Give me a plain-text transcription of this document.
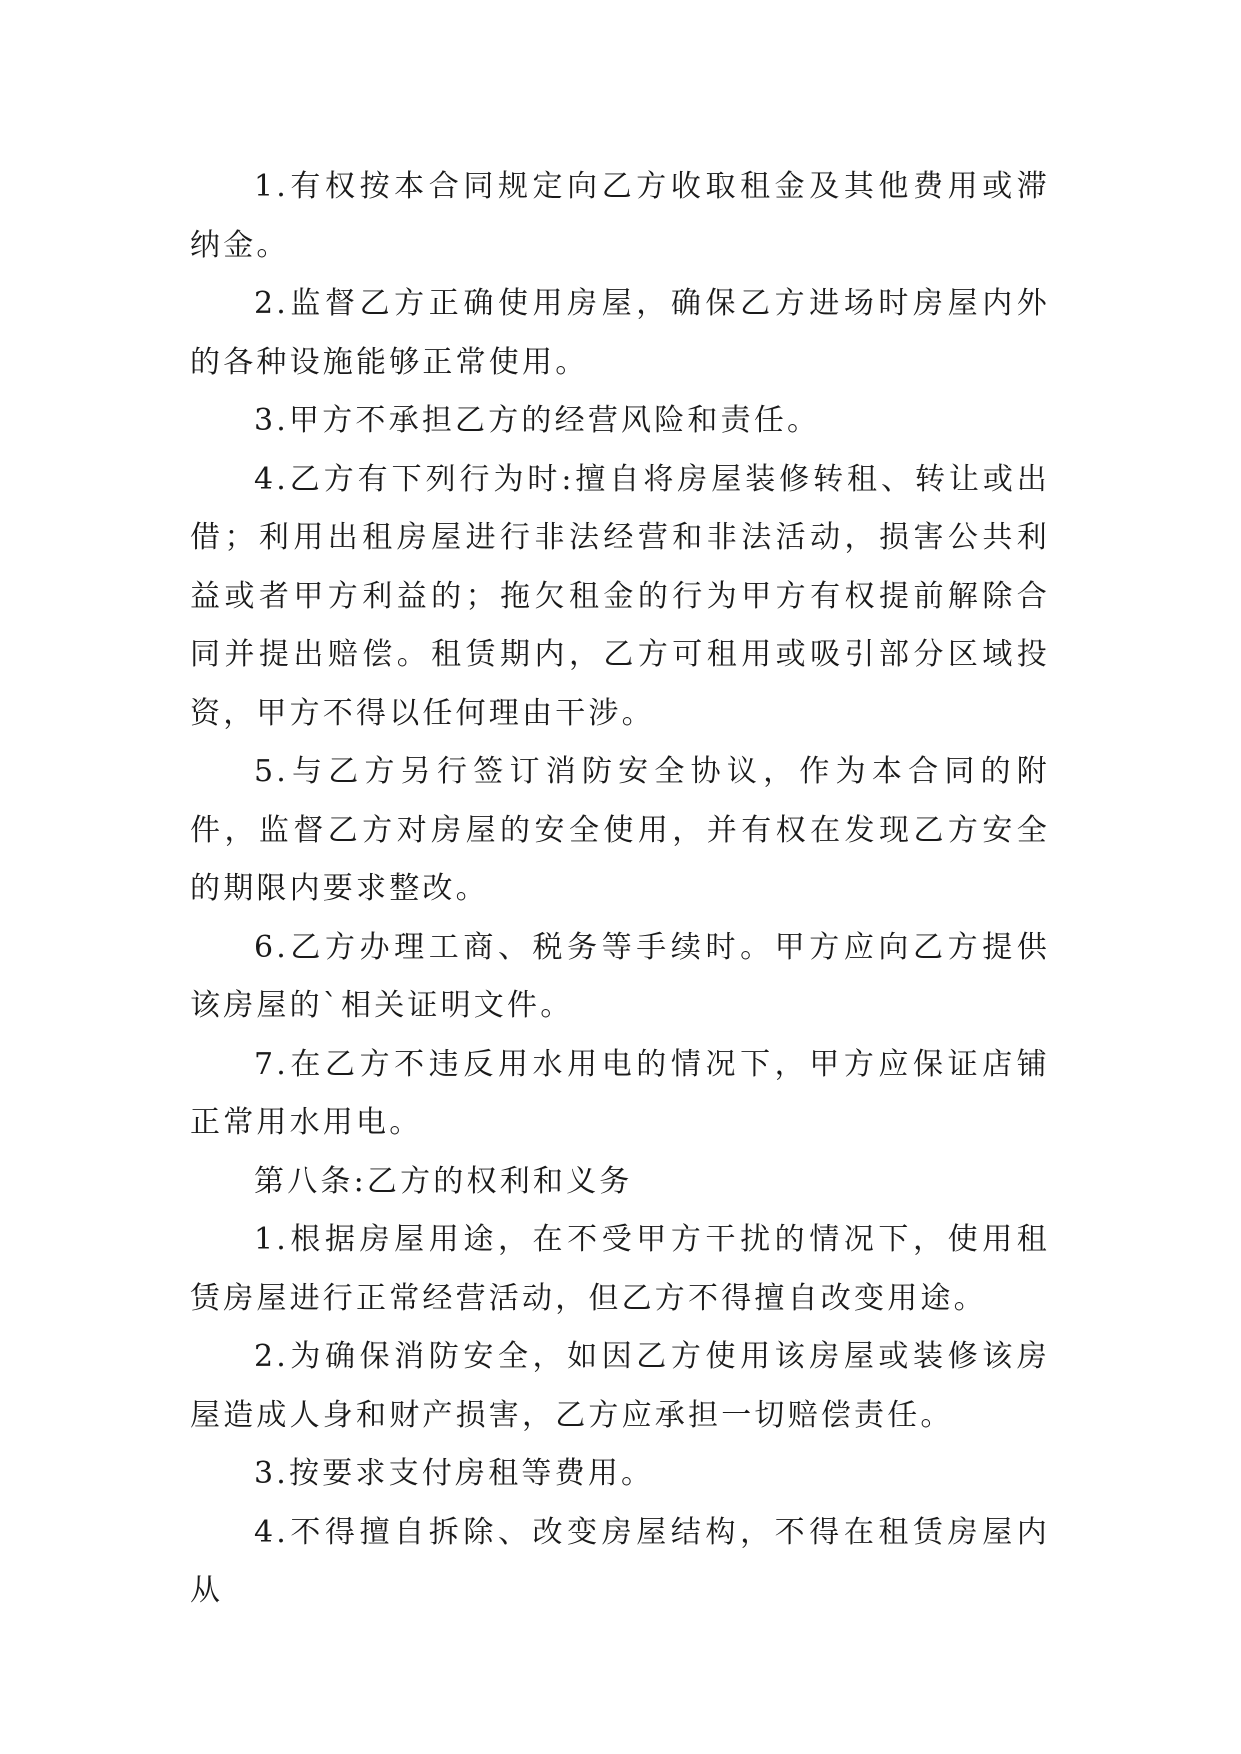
1.有权按本合同规定向乙方收取租金及其他费用或滞纳金。

2.监督乙方正确使用房屋，确保乙方进场时房屋内外的各种设施能够正常使用。

3.甲方不承担乙方的经营风险和责任。

4.乙方有下列行为时:擅自将房屋装修转租、转让或出借；利用出租房屋进行非法经营和非法活动，损害公共利益或者甲方利益的；拖欠租金的行为甲方有权提前解除合同并提出赔偿。租赁期内，乙方可租用或吸引部分区域投资，甲方不得以任何理由干涉。

5.与乙方另行签订消防安全协议，作为本合同的附件，监督乙方对房屋的安全使用，并有权在发现乙方安全的期限内要求整改。

6.乙方办理工商、税务等手续时。甲方应向乙方提供该房屋的`相关证明文件。

7.在乙方不违反用水用电的情况下，甲方应保证店铺正常用水用电。

第八条:乙方的权利和义务

1.根据房屋用途，在不受甲方干扰的情况下，使用租赁房屋进行正常经营活动，但乙方不得擅自改变用途。

2.为确保消防安全，如因乙方使用该房屋或装修该房屋造成人身和财产损害，乙方应承担一切赔偿责任。

3.按要求支付房租等费用。

4.不得擅自拆除、改变房屋结构，不得在租赁房屋内从
